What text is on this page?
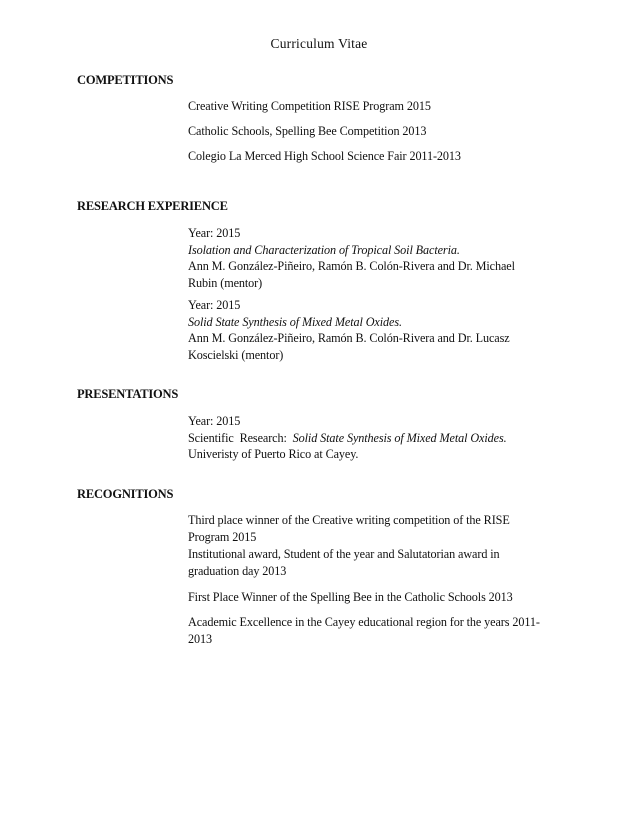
Curriculum Vitae
COMPETITIONS
Creative Writing Competition RISE Program 2015
Catholic Schools, Spelling Bee Competition 2013
Colegio La Merced High School Science Fair 2011-2013
RESEARCH EXPERIENCE
Year: 2015
Isolation and Characterization of Tropical Soil Bacteria.
Ann M. González-Piñeiro, Ramón B. Colón-Rivera and Dr. Michael
Rubin (mentor)
Year: 2015
Solid State Synthesis of Mixed Metal Oxides.
Ann M. González-Piñeiro, Ramón B. Colón-Rivera and Dr. Lucasz
Koscielski (mentor)
PRESENTATIONS
Year: 2015
Scientific  Research:  Solid State Synthesis of Mixed Metal Oxides.
Univeristy of Puerto Rico at Cayey.
RECOGNITIONS
Third place winner of the Creative writing competition of the RISE
Program 2015
Institutional award, Student of the year and Salutatorian award in
graduation day 2013
First Place Winner of the Spelling Bee in the Catholic Schools 2013
Academic Excellence in the Cayey educational region for the years 2011-
2013
